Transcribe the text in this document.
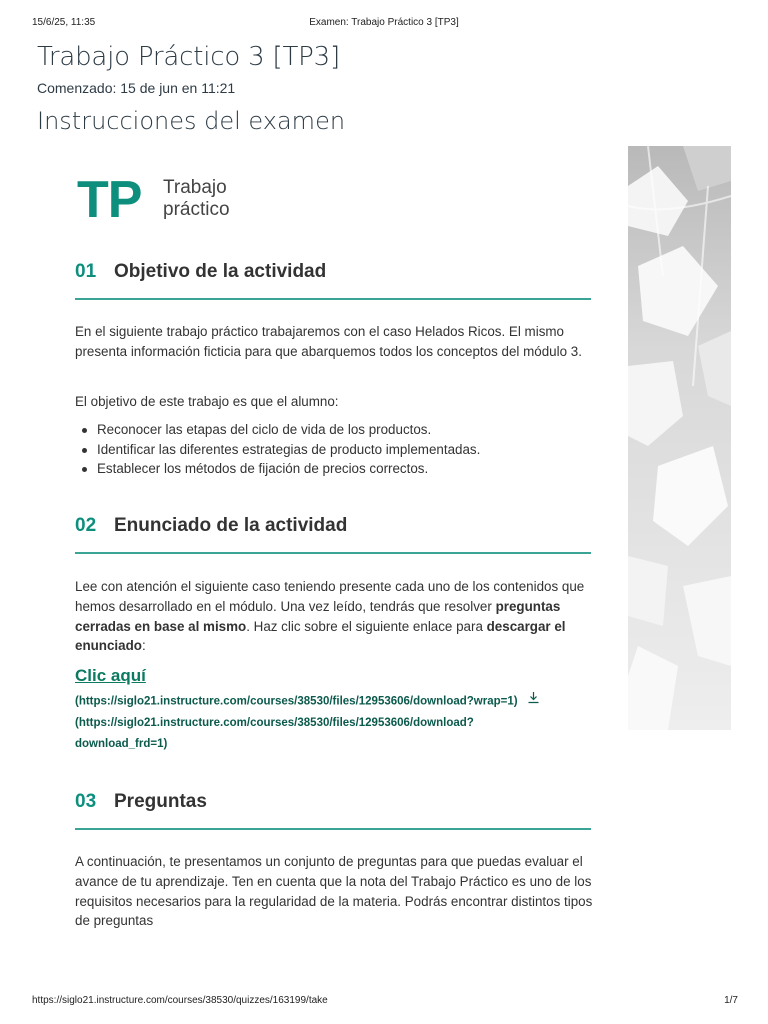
15/6/25, 11:35	Examen: Trabajo Práctico 3 [TP3]
Trabajo Práctico 3 [TP3]
Comenzado: 15 de jun en 11:21
Instrucciones del examen
TP Trabajo
práctico
01 Objetivo de la actividad

En el siguiente trabajo práctico trabajaremos con el caso Helados Ricos. El mismo presenta información ficticia para que abarquemos todos los conceptos del módulo 3.

El objetivo de este trabajo es que el alumno:

Reconocer las etapas del ciclo de vida de los productos.
Identificar las diferentes estrategias de producto implementadas.
Establecer los métodos de fijación de precios correctos.
02 Enunciado de la actividad

Lee con atención el siguiente caso teniendo presente cada uno de los contenidos que hemos desarrollado en el módulo. Una vez leído, tendrás que resolver preguntas cerradas en base al mismo. Haz clic sobre el siguiente enlace para descargar el enunciado:

Clic aquí
(https://siglo21.instructure.com/courses/38530/files/12953606/download?wrap=1)
(https://siglo21.instructure.com/courses/38530/files/12953606/download?
download_frd=1)
03 Preguntas

A continuación, te presentamos un conjunto de preguntas para que puedas evaluar el avance de tu aprendizaje. Ten en cuenta que la nota del Trabajo Práctico es uno de los requisitos necesarios para la regularidad de la materia. Podrás encontrar distintos tipos de preguntas

https://siglo21.instructure.com/courses/38530/quizzes/163199/take	1/7
